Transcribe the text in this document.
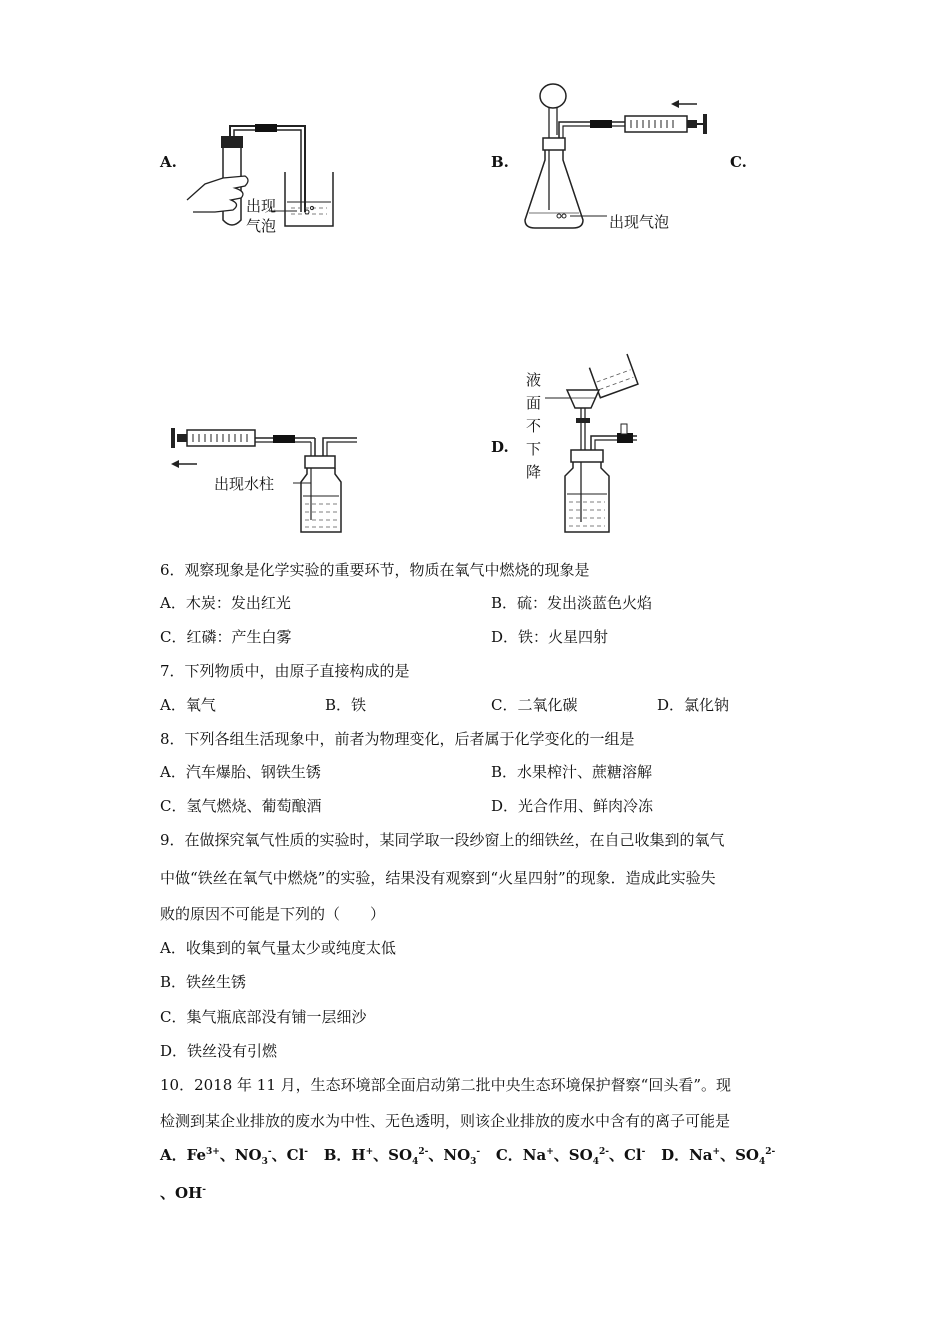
A.
出现
气泡
B.
出现气泡
C.
出现水柱
D.
液
面
不
下
降
6．观察现象是化学实验的重要环节，物质在氧气中燃烧的现象是
A．木炭：发出红光	B．硫：发出淡蓝色火焰
C．红磷：产生白雾	D．铁：火星四射
7．下列物质中，由原子直接构成的是
A．氧气	B．铁	C．二氧化碳	D．氯化钠
8．下列各组生活现象中，前者为物理变化，后者属于化学变化的一组是
A．汽车爆胎、钢铁生锈	B．水果榨汁、蔗糖溶解
C．氢气燃烧、葡萄酿酒	D．光合作用、鲜肉冷冻
9．在做探究氧气性质的实验时，某同学取一段纱窗上的细铁丝，在自己收集到的氧气
中做“铁丝在氧气中燃烧”的实验，结果没有观察到“火星四射”的现象．造成此实验失
败的原因不可能是下列的（　　）
A．收集到的氧气量太少或纯度太低
B．铁丝生锈
C．集气瓶底部没有铺一层细沙
D．铁丝没有引燃
10．2018 年 11 月，生态环境部全面启动第二批中央生态环境保护督察“回头看”。现
检测到某企业排放的废水为中性、无色透明，则该企业排放的废水中含有的离子可能是
A．$Fe^{3+}$、$NO_3^-$、Cl- B．H+、$SO_4^{2-}$、$NO_3^-$ C．Na+、$SO_4^{2-}$、Cl- D．Na+、$SO_4^{2-}$
、OH-
